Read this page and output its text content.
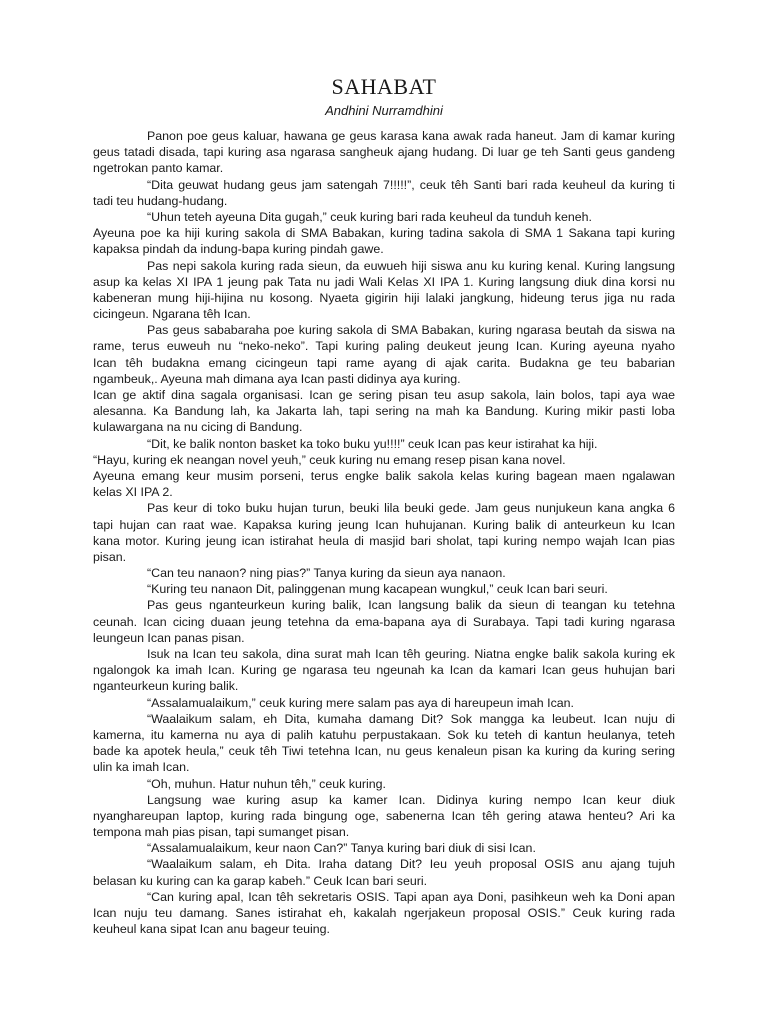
SAHABAT
Andhini Nurramdhini
Panon poe geus kaluar, hawana ge geus karasa kana awak rada haneut. Jam di kamar kuring
geus tatadi disada, tapi kuring asa ngarasa sangheuk ajang hudang. Di luar ge teh Santi geus gandeng
ngetrokan panto kamar.
“Dita geuwat hudang geus jam satengah 7!!!!!”, ceuk têh Santi bari rada keuheul da kuring ti
tadi teu hudang-hudang.
“Uhun teteh ayeuna Dita gugah,” ceuk kuring bari rada keuheul da tunduh keneh.
Ayeuna poe ka hiji kuring sakola di SMA Babakan, kuring tadina sakola di SMA 1 Sakana tapi kuring
kapaksa pindah da indung-bapa kuring pindah gawe.
Pas nepi sakola kuring rada sieun, da euwueh hiji siswa anu ku kuring kenal. Kuring langsung
asup ka kelas XI IPA 1 jeung pak Tata nu jadi Wali Kelas XI IPA 1. Kuring langsung diuk dina korsi nu
kabeneran mung hiji-hijina nu kosong. Nyaeta gigirin hiji lalaki jangkung, hideung terus jiga nu rada
cicingeun. Ngarana têh Ican.
Pas geus sababaraha poe kuring sakola di SMA Babakan, kuring ngarasa beutah da siswa na
rame, terus euweuh nu “neko-neko”. Tapi kuring paling deukeut jeung Ican. Kuring ayeuna nyaho
Ican têh budakna emang cicingeun tapi rame ayang di ajak carita. Budakna ge teu babarian
ngambeuk,. Ayeuna mah dimana aya Ican pasti didinya aya kuring.
Ican ge aktif dina sagala organisasi. Ican ge sering pisan teu asup sakola, lain bolos, tapi aya wae
alesanna. Ka Bandung lah, ka Jakarta lah, tapi sering na mah ka Bandung. Kuring mikir pasti loba
kulawargana na nu cicing di Bandung.
“Dit, ke balik nonton basket ka toko buku yu!!!!” ceuk Ican pas keur istirahat ka hiji.
“Hayu, kuring ek neangan novel yeuh,” ceuk kuring nu emang resep pisan kana novel.
Ayeuna emang keur musim porseni, terus engke balik sakola kelas kuring bagean maen ngalawan
kelas XI IPA 2.
Pas keur di toko buku hujan turun, beuki lila beuki gede. Jam geus nunjukeun kana angka 6
tapi hujan can raat wae. Kapaksa kuring jeung Ican huhujanan. Kuring balik di anteurkeun ku Ican
kana motor. Kuring jeung ican istirahat heula di masjid bari sholat, tapi kuring nempo wajah Ican pias
pisan.
“Can teu nanaon? ning pias?” Tanya kuring da sieun aya nanaon.
“Kuring teu nanaon Dit, palinggenan mung kacapean wungkul,” ceuk Ican bari seuri.
Pas geus nganteurkeun kuring balik, Ican langsung balik da sieun di teangan ku tetehna
ceunah. Ican cicing duaan jeung tetehna da ema-bapana aya di Surabaya. Tapi tadi kuring ngarasa
leungeun Ican panas pisan.
Isuk na Ican teu sakola, dina surat mah Ican têh geuring. Niatna engke balik sakola kuring ek
ngalongok ka imah Ican. Kuring ge ngarasa teu ngeunah ka Ican da kamari Ican geus huhujan bari
nganteurkeun kuring balik.
“Assalamualaikum,” ceuk kuring mere salam pas aya di hareupeun imah Ican.
“Waalaikum salam, eh Dita, kumaha damang Dit? Sok mangga ka leubeut. Ican nuju di
kamerna, itu kamerna nu aya di palih katuhu perpustakaan. Sok ku teteh di kantun heulanya, teteh
bade ka apotek heula,” ceuk têh Tiwi tetehna Ican, nu geus kenaleun pisan ka kuring da kuring sering
ulin ka imah Ican.
“Oh, muhun. Hatur nuhun têh,” ceuk kuring.
Langsung wae kuring asup ka kamer Ican. Didinya kuring nempo Ican keur diuk
nyanghareupan laptop, kuring rada bingung oge, sabenerna Ican têh gering atawa henteu? Ari ka
tempona mah pias pisan, tapi sumanget pisan.
“Assalamualaikum, keur naon Can?” Tanya kuring bari diuk di sisi Ican.
“Waalaikum salam, eh Dita. Iraha datang Dit? Ieu yeuh proposal OSIS anu ajang tujuh
belasan ku kuring can ka garap kabeh.” Ceuk Ican bari seuri.
“Can kuring apal, Ican têh sekretaris OSIS. Tapi apan aya Doni, pasihkeun weh ka Doni apan
Ican nuju teu damang. Sanes istirahat eh, kakalah ngerjakeun proposal OSIS.” Ceuk kuring rada
keuheul kana sipat Ican anu bageur teuing.
